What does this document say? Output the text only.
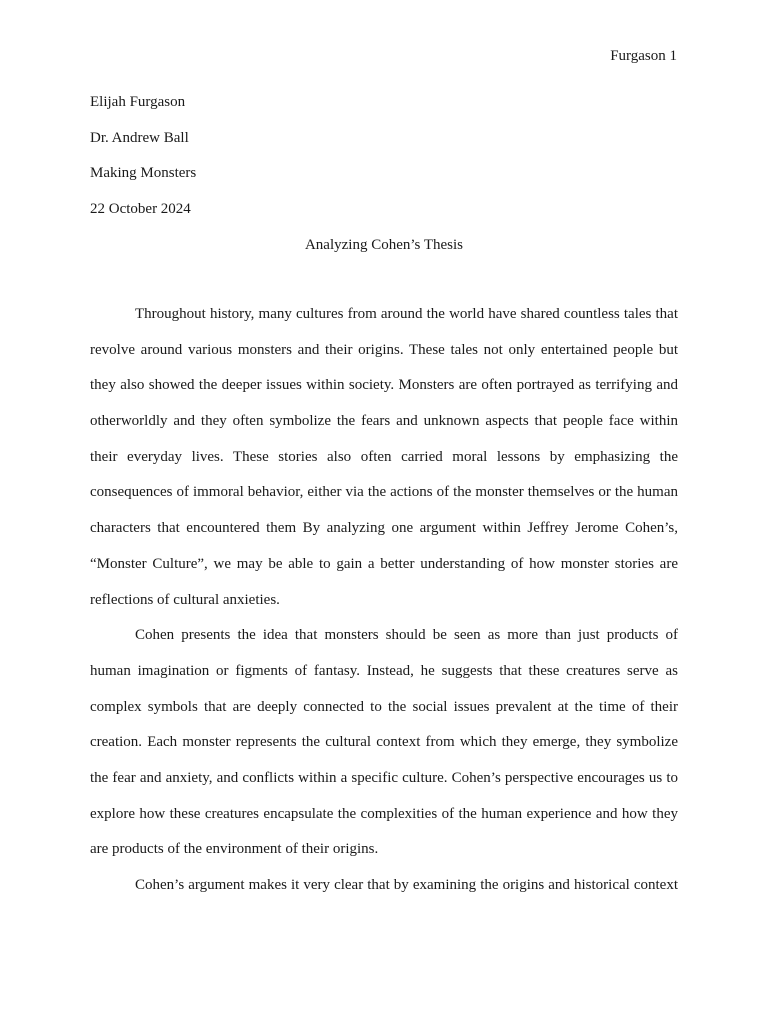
Furgason 1
Elijah Furgason
Dr. Andrew Ball
Making Monsters
22 October 2024
Analyzing Cohen’s Thesis
Throughout history, many cultures from around the world have shared countless tales that
revolve around various monsters and their origins. These tales not only entertained people but
they also showed the deeper issues within society. Monsters are often portrayed as terrifying and
otherworldly and they often symbolize the fears and unknown aspects that people face within
their everyday lives. These stories also often carried moral lessons by emphasizing the
consequences of immoral behavior, either via the actions of the monster themselves or the human
characters that encountered them By analyzing one argument within Jeffrey Jerome Cohen’s,
“Monster Culture”, we may be able to gain a better understanding of how monster stories are
reflections of cultural anxieties.
Cohen presents the idea that monsters should be seen as more than just products of
human imagination or figments of fantasy. Instead, he suggests that these creatures serve as
complex symbols that are deeply connected to the social issues prevalent at the time of their
creation. Each monster represents the cultural context from which they emerge, they symbolize
the fear and anxiety, and conflicts within a specific culture. Cohen’s perspective encourages us to
explore how these creatures encapsulate the complexities of the human experience and how they
are products of the environment of their origins.
Cohen’s argument makes it very clear that by examining the origins and historical context
